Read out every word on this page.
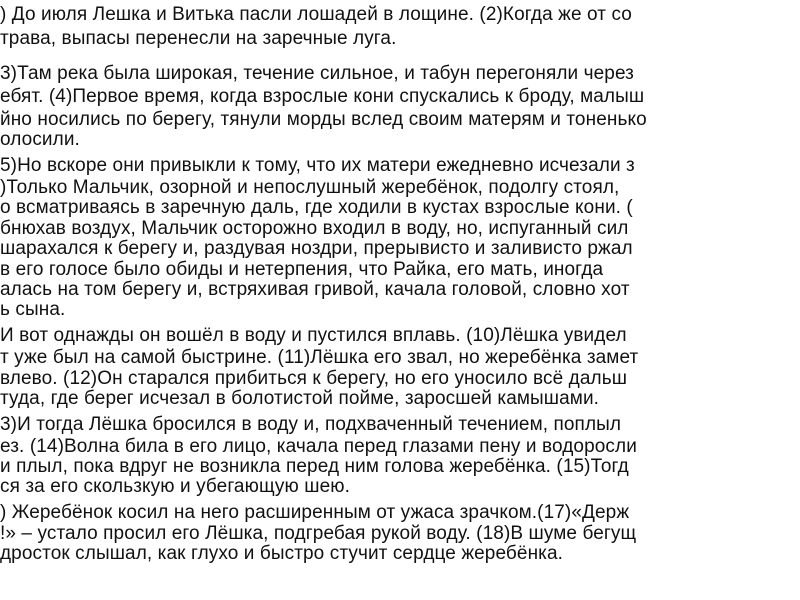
) До июля Лешка и Витька пасли лошадей в лощине. (2)Когда же от со
трава, выпасы перенесли на заречные луга.
3)Там река была широкая, течение сильное, и табун перегоняли через
ебят. (4)Первое время, когда взрослые кони спускались к броду, малыш
йно носились по берегу, тянули морды вслед своим матерям и тоненько
олосили.
5)Но вскоре они привыкли к тому, что их матери ежедневно исчезали з
)Только Мальчик, озорной и непослушный жеребёнок, подолгу стоял,
о всматриваясь в заречную даль, где ходили в кустах взрослые кони. (
бнюхав воздух, Мальчик осторожно входил в воду, но, испуганный сил
шарахался к берегу и, раздувая ноздри, прерывисто и заливисто ржал
в его голосе было обиды и нетерпения, что Райка, его мать, иногда
алась на том берегу и, встряхивая гривой, качала головой, словно хот
ь сына.
И вот однажды он вошёл в воду и пустился вплавь. (10)Лёшка увидел
т уже был на самой быстрине. (11)Лёшка его звал, но жеребёнка замет
влево. (12)Он старался прибиться к берегу, но его уносило всё дальш
туда, где берег исчезал в болотистой пойме, заросшей камышами.
3)И тогда Лёшка бросился в воду и, подхваченный течением, поплыл
ез. (14)Волна била в его лицо, качала перед глазами пену и водоросли
и плыл, пока вдруг не возникла перед ним голова жеребёнка. (15)Тогд
ся за его скользкую и убегающую шею.
) Жеребёнок косил на него расширенным от ужаса зрачком.(17)«Держ
!» – устало просил его Лёшка, подгребая рукой воду. (18)В шуме бегущ
дросток слышал, как глухо и быстро стучит сердце жеребёнка.
